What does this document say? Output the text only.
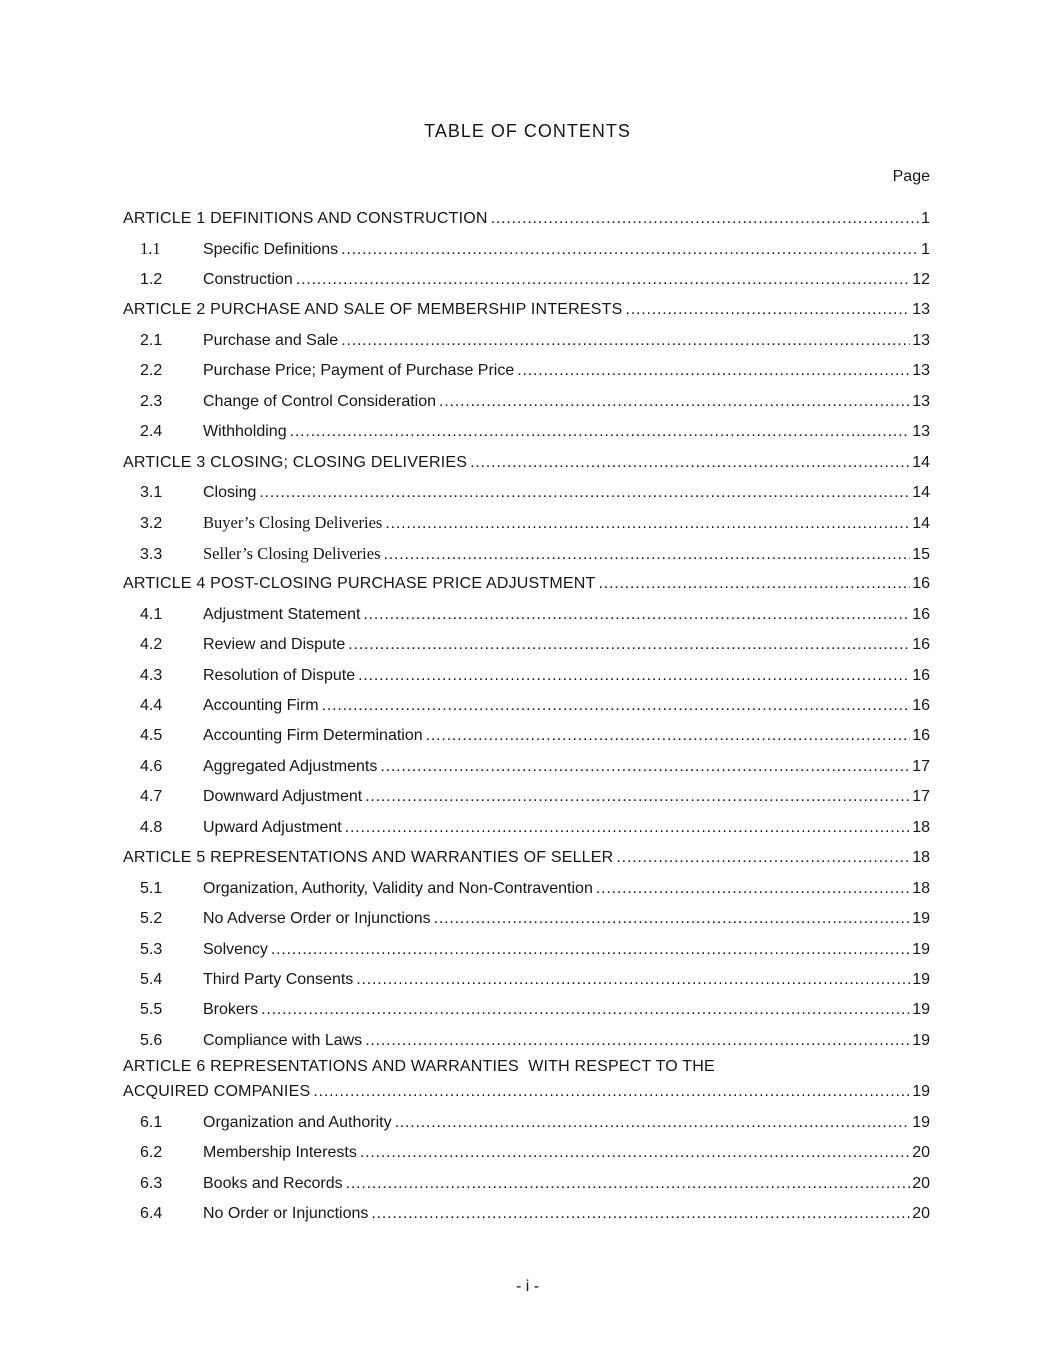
TABLE OF CONTENTS
Page
ARTICLE 1 DEFINITIONS AND CONSTRUCTION .....	1
1.1	Specific Definitions .....	1
1.2	Construction .....	12
ARTICLE 2 PURCHASE AND SALE OF MEMBERSHIP INTERESTS .....	13
2.1	Purchase and Sale .....	13
2.2	Purchase Price; Payment of Purchase Price .....	13
2.3	Change of Control Consideration .....	13
2.4	Withholding .....	13
ARTICLE 3 CLOSING; CLOSING DELIVERIES .....	14
3.1	Closing .....	14
3.2	Buyer’s Closing Deliveries .....	14
3.3	Seller’s Closing Deliveries .....	15
ARTICLE 4 POST-CLOSING PURCHASE PRICE ADJUSTMENT .....	16
4.1	Adjustment Statement .....	16
4.2	Review and Dispute .....	16
4.3	Resolution of Dispute .....	16
4.4	Accounting Firm .....	16
4.5	Accounting Firm Determination .....	16
4.6	Aggregated Adjustments .....	17
4.7	Downward Adjustment .....	17
4.8	Upward Adjustment .....	18
ARTICLE 5 REPRESENTATIONS AND WARRANTIES OF SELLER .....	18
5.1	Organization, Authority, Validity and Non-Contravention .....	18
5.2	No Adverse Order or Injunctions .....	19
5.3	Solvency .....	19
5.4	Third Party Consents .....	19
5.5	Brokers .....	19
5.6	Compliance with Laws .....	19
ARTICLE 6 REPRESENTATIONS AND WARRANTIES  WITH RESPECT TO THE
ACQUIRED COMPANIES .....	19
6.1	Organization and Authority .....	19
6.2	Membership Interests .....	20
6.3	Books and Records .....	20
6.4	No Order or Injunctions .....	20
- i -
